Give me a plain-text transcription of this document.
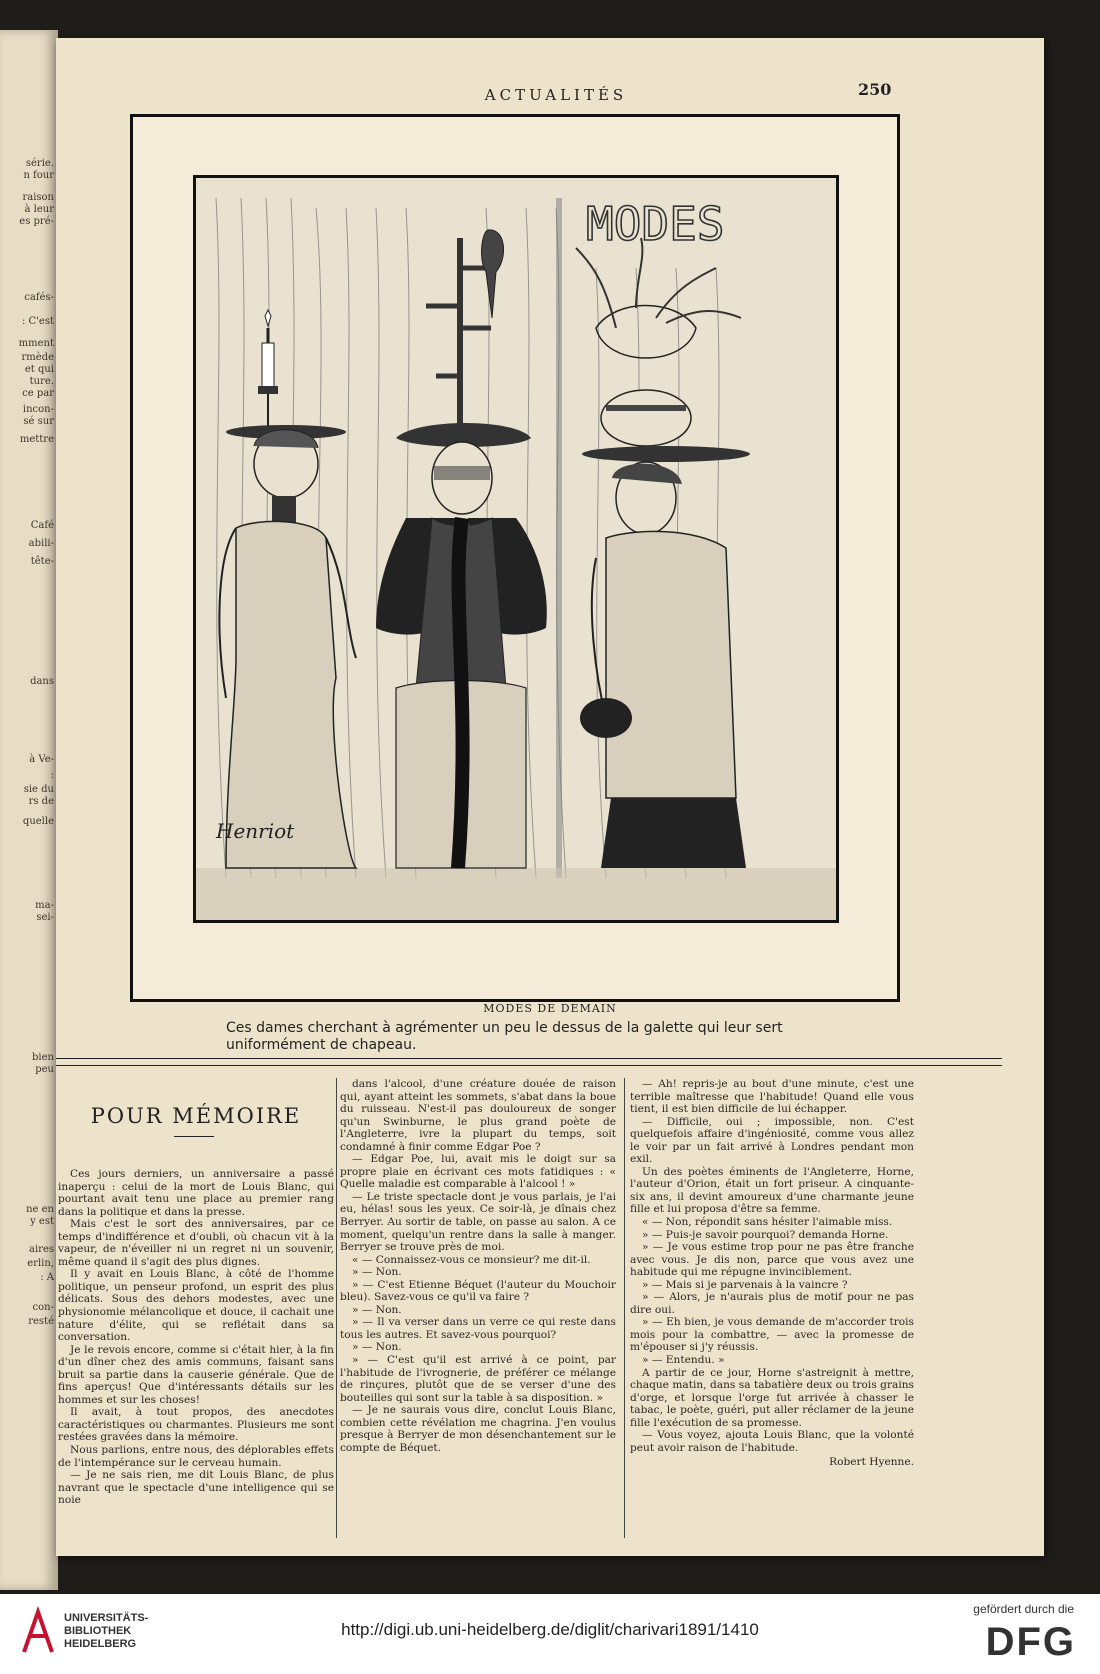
série.
n four
raison
à leur
es pré-
cafés-
: C'est
mment
rmède
et qui
ture.
ce par
incon-
sé sur
mettre
Café
abili-
tête-
dans
à Ve-
:
sie du
rs de
quelle
ma-
sei-
bien
peu
ne en
y est
aires
erlin,
: A
con-
resté
ACTUALITÉS	250
MODES
Henriot
MODES DE DEMAIN
Ces dames cherchant à agrémenter un peu le dessus de la galette qui leur sert uniformément de chapeau.
POUR MÉMOIRE

Ces jours derniers, un anniversaire a passé inaperçu : celui de la mort de Louis Blanc, qui pourtant avait tenu une place au premier rang dans la politique et dans la presse.

Mais c'est le sort des anniversaires, par ce temps d'indifférence et d'oubli, où chacun vit à la vapeur, de n'éveiller ni un regret ni un souvenir, même quand il s'agit des plus dignes.

Il y avait en Louis Blanc, à côté de l'homme politique, un penseur profond, un esprit des plus délicats. Sous des dehors modestes, avec une physionomie mélancolique et douce, il cachait une nature d'élite, qui se reflétait dans sa conversation.

Je le revois encore, comme si c'était hier, à la fin d'un dîner chez des amis communs, faisant sans bruit sa partie dans la causerie générale. Que de fins aperçus! Que d'intéressants détails sur les hommes et sur les choses!

Il avait, à tout propos, des anecdotes caractéristiques ou charmantes. Plusieurs me sont restées gravées dans la mémoire.

Nous parlions, entre nous, des déplorables effets de l'intempérance sur le cerveau humain.

— Je ne sais rien, me dit Louis Blanc, de plus navrant que le spectacle d'une intelligence qui se noie

dans l'alcool, d'une créature douée de raison qui, ayant atteint les sommets, s'abat dans la boue du ruisseau. N'est-il pas douloureux de songer qu'un Swinburne, le plus grand poète de l'Angleterre, ivre la plupart du temps, soit condamné à finir comme Edgar Poe ?

— Edgar Poe, lui, avait mis le doigt sur sa propre plaie en écrivant ces mots fatidiques : « Quelle maladie est comparable à l'alcool ! »

— Le triste spectacle dont je vous parlais, je l'ai eu, hélas! sous les yeux. Ce soir-là, je dînais chez Berryer. Au sortir de table, on passe au salon. A ce moment, quelqu'un rentre dans la salle à manger. Berryer se trouve près de moi.

« — Connaissez-vous ce monsieur? me dit-il.

» — Non.

» — C'est Etienne Béquet (l'auteur du Mouchoir bleu). Savez-vous ce qu'il va faire ?

» — Non.

» — Il va verser dans un verre ce qui reste dans tous les autres. Et savez-vous pourquoi?

» — Non.

» — C'est qu'il est arrivé à ce point, par l'habitude de l'ivrognerie, de préférer ce mélange de rinçures, plutôt que de se verser d'une des bouteilles qui sont sur la table à sa disposition. »

— Je ne saurais vous dire, conclut Louis Blanc, combien cette révélation me chagrina. J'en voulus presque à Berryer de mon désenchantement sur le compte de Béquet.

— Ah! repris-je au bout d'une minute, c'est une terrible maîtresse que l'habitude! Quand elle vous tient, il est bien difficile de lui échapper.

— Difficile, oui ; impossible, non. C'est quelquefois affaire d'ingéniosité, comme vous allez le voir par un fait arrivé à Londres pendant mon exil.

Un des poètes éminents de l'Angleterre, Horne, l'auteur d'Orion, était un fort priseur. A cinquante-six ans, il devint amoureux d'une charmante jeune fille et lui proposa d'être sa femme.

« — Non, répondit sans hésiter l'aimable miss.

» — Puis-je savoir pourquoi? demanda Horne.

» — Je vous estime trop pour ne pas être franche avec vous. Je dis non, parce que vous avez une habitude qui me répugne invinciblement.

» — Mais si je parvenais à la vaincre ?

» — Alors, je n'aurais plus de motif pour ne pas dire oui.

» — Eh bien, je vous demande de m'accorder trois mois pour la combattre, — avec la promesse de m'épouser si j'y réussis.

» — Entendu. »

A partir de ce jour, Horne s'astreignit à mettre, chaque matin, dans sa tabatière deux ou trois grains d'orge, et lorsque l'orge fut arrivée à chasser le tabac, le poète, guéri, put aller réclamer de la jeune fille l'exécution de sa promesse.

— Vous voyez, ajouta Louis Blanc, que la volonté peut avoir raison de l'habitude.

Robert Hyenne.

UNIVERSITÄTS-
BIBLIOTHEK
HEIDELBERG
http://digi.ub.uni-heidelberg.de/diglit/charivari1891/1410
gefördert durch die
DFG
